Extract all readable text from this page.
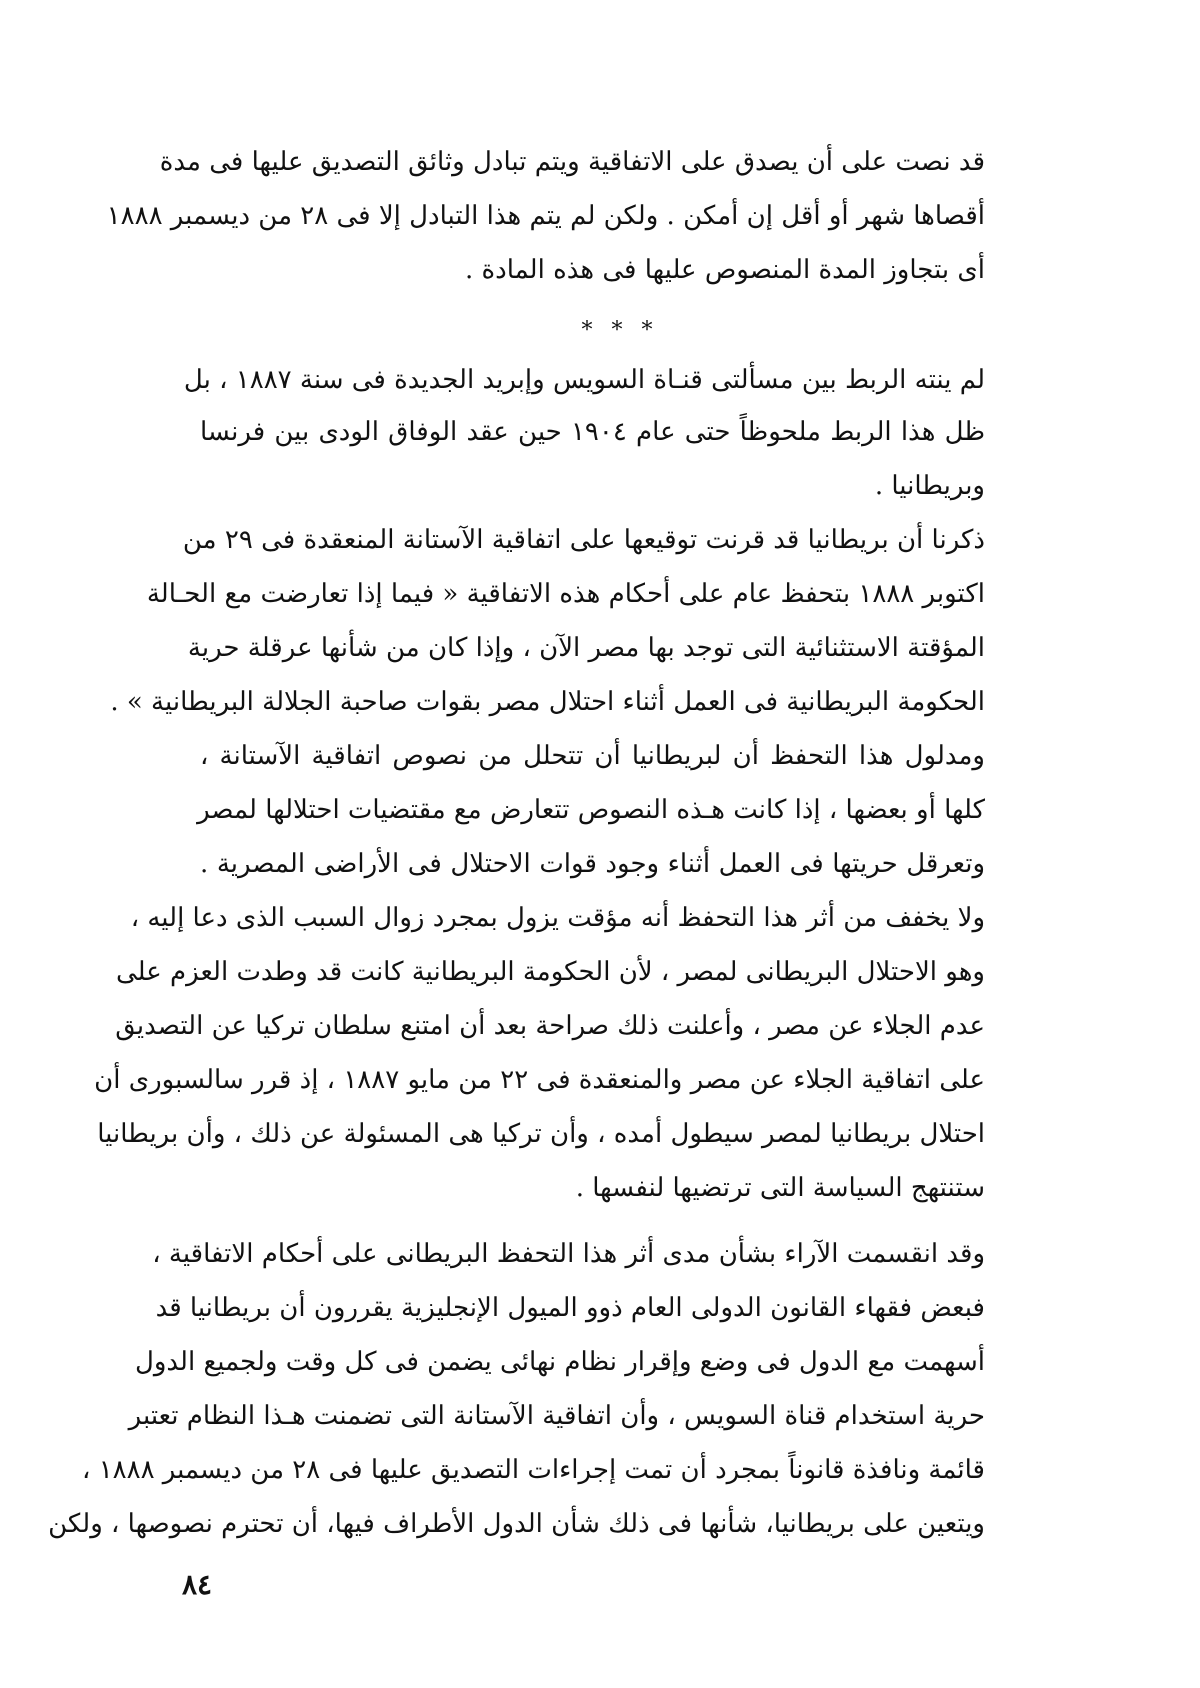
قد نصت على أن يصدق على الاتفاقية ويتم تبادل وثائق التصديق عليها فى مدة
أقصاها شهر أو أقل إن أمكن . ولكن لم يتم هذا التبادل إلا فى ٢٨ من ديسمبر ١٨٨٨
أى بتجاوز المدة المنصوص عليها فى هذه المادة .
* * *
لم ينته الربط بين مسألتى قنـاة السويس وإبريد الجديدة فى سنة ١٨٨٧ ، بل
ظل هذا الربط ملحوظاً حتى عام ١٩٠٤ حين عقد الوفاق الودى بين فرنسا
وبريطانيا .
ذكرنا أن بريطانيا قد قرنت توقيعها على اتفاقية الآستانة المنعقدة فى ٢٩ من
اكتوبر ١٨٨٨ بتحفظ عام على أحكام هذه الاتفاقية « فيما إذا تعارضت مع الحـالة
المؤقتة الاستثنائية التى توجد بها مصر الآن ، وإذا كان من شأنها عرقلة حرية
الحكومة البريطانية فى العمل أثناء احتلال مصر بقوات صاحبة الجلالة البريطانية » .
ومدلول هذا التحفظ أن لبريطانيا أن تتحلل من نصوص اتفاقية الآستانة ،
كلها أو بعضها ، إذا كانت هـذه النصوص تتعارض مع مقتضيات احتلالها لمصر
وتعرقل حريتها فى العمل أثناء وجود قوات الاحتلال فى الأراضى المصرية .
ولا يخفف من أثر هذا التحفظ أنه مؤقت يزول بمجرد زوال السبب الذى دعا إليه ،
وهو الاحتلال البريطانى لمصر ، لأن الحكومة البريطانية كانت قد وطدت العزم على
عدم الجلاء عن مصر ، وأعلنت ذلك صراحة بعد أن امتنع سلطان تركيا عن التصديق
على اتفاقية الجلاء عن مصر والمنعقدة فى ٢٢ من مايو ١٨٨٧ ، إذ قرر سالسبورى أن
احتلال بريطانيا لمصر سيطول أمده ، وأن تركيا هى المسئولة عن ذلك ، وأن بريطانيا
ستنتهج السياسة التى ترتضيها لنفسها .
وقد انقسمت الآراء بشأن مدى أثر هذا التحفظ البريطانى على أحكام الاتفاقية ،
فبعض فقهاء القانون الدولى العام ذوو الميول الإنجليزية يقررون أن بريطانيا قد
أسهمت مع الدول فى وضع وإقرار نظام نهائى يضمن فى كل وقت ولجميع الدول
حرية استخدام قناة السويس ، وأن اتفاقية الآستانة التى تضمنت هـذا النظام تعتبر
قائمة ونافذة قانوناً بمجرد أن تمت إجراءات التصديق عليها فى ٢٨ من ديسمبر ١٨٨٨ ،
ويتعين على بريطانيا، شأنها فى ذلك شأن الدول الأطراف فيها، أن تحترم نصوصها ، ولكن
٨٤
